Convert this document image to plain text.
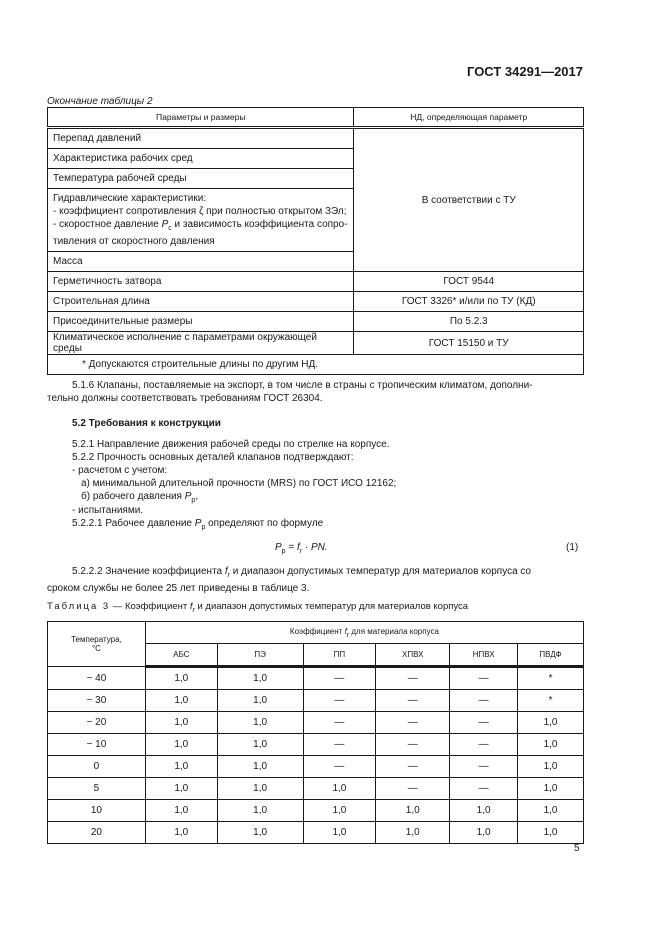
ГОСТ 34291—2017
Окончание таблицы 2
Параметры и размеры	НД, определяющая параметр
Перепад давлений	В соответствии с ТУ
Характеристика рабочих сред	
Температура рабочей среды	

Гидравлические характеристики:
- коэффициент сопротивления ζ при полностью открытом ЗЭл;
- скоростное давление $P_с$ и зависимость коэффициента сопро-
тивления от скоростного давления	

Масса	
Герметичность затвора	ГОСТ 9544
Строительная длина	ГОСТ 3326* и/или по ТУ (КД)
Присоединительные размеры	По 5.2.3
Климатическое исполнение с параметрами окружающей среды	ГОСТ 15150 и ТУ
* Допускаются строительные длины по другим НД.	
5.1.6 Клапаны, поставляемые на экспорт, в том числе в страны с тропическим климатом, дополни-
тельно должны соответствовать требованиям ГОСТ 26304.
5.2 Требования к конструкции
5.2.1 Направление движения рабочей среды по стрелке на корпусе.
5.2.2 Прочность основных деталей клапанов подтверждают:
- расчетом с учетом:
а) минимальной длительной прочности (MRS) по ГОСТ ИСО 12162;
б) рабочего давления $P_р$,
- испытаниями.
5.2.2.1 Рабочее давление $P_р$ определяют по формуле
$P_р = f_r$ · PN.	(1)
5.2.2.2 Значение коэффициента $f_r$ и диапазон допустимых температур для материалов корпуса со
сроком службы не более 25 лет приведены в таблице 3.
Таблица 3 — Коэффициент $f_r$ и диапазон допустимых температур для материалов корпуса
Температура,
°С	Коэффициент $f_r$ для материала корпуса					
	АБС	ПЭ	ПП	ХПВХ	НПВХ	ПВДФ
− 40	1,0	1,0	—	—	—	*
− 30	1,0	1,0	—	—	—	*
− 20	1,0	1,0	—	—	—	1,0
− 10	1,0	1,0	—	—	—	1,0
0	1,0	1,0	—	—	—	1,0
5	1,0	1,0	1,0	—	—	1,0
10	1,0	1,0	1,0	1,0	1,0	1,0
20	1,0	1,0	1,0	1,0	1,0	1,0
5
